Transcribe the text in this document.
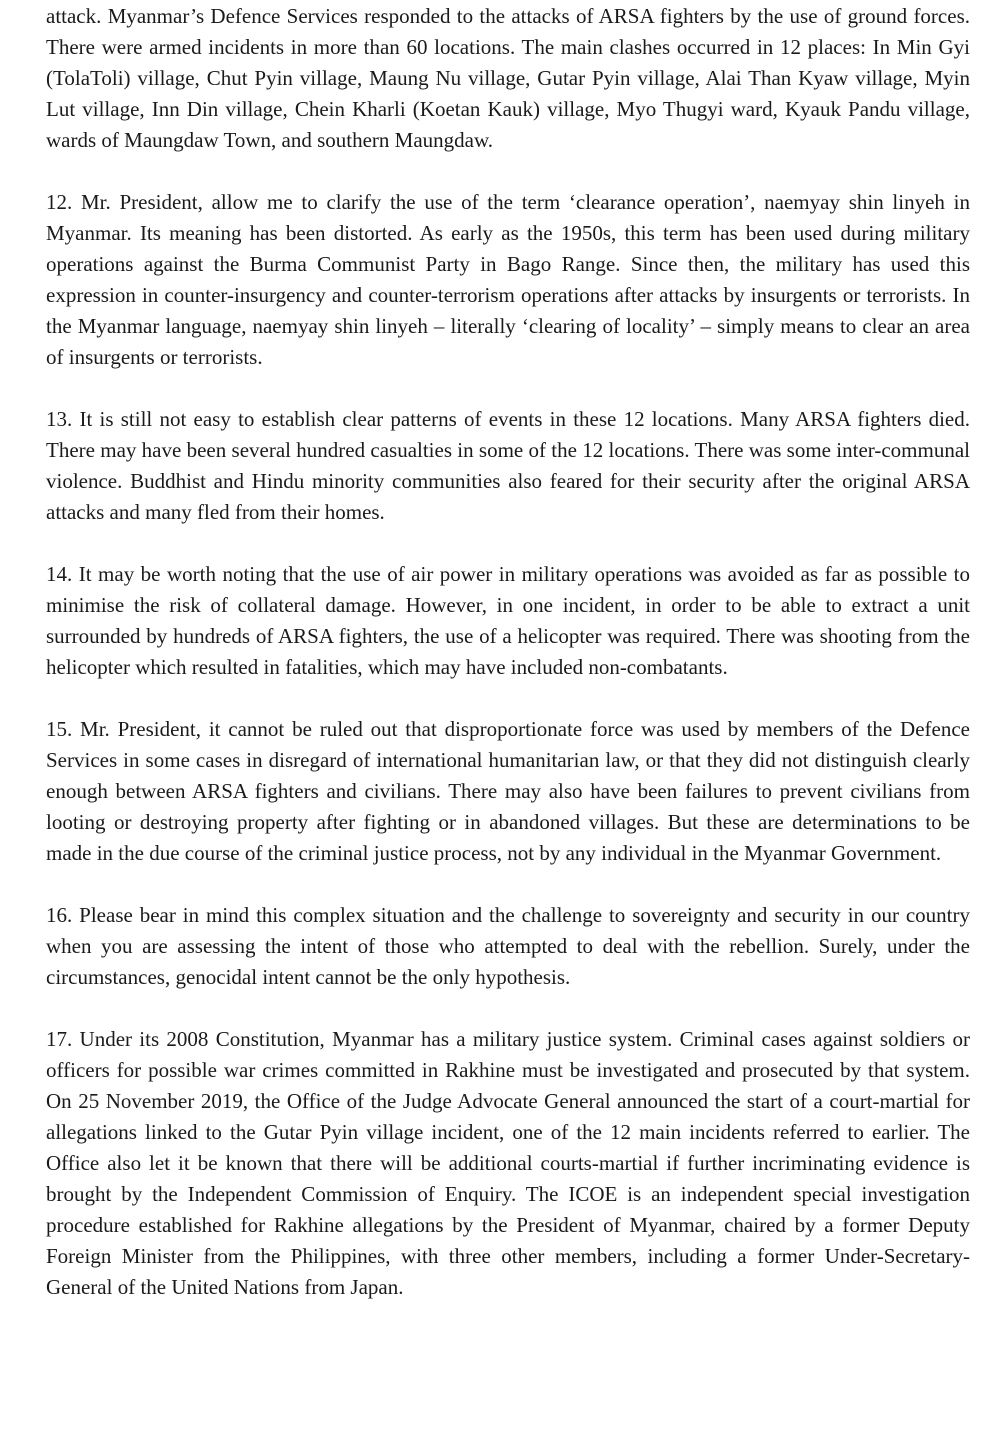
attack. Myanmar’s Defence Services responded to the attacks of ARSA fighters by the use of ground forces. There were armed incidents in more than 60 locations. The main clashes occurred in 12 places: In Min Gyi (TolaToli) village, Chut Pyin village, Maung Nu village, Gutar Pyin village, Alai Than Kyaw village, Myin Lut village, Inn Din village, Chein Kharli (Koetan Kauk) village, Myo Thugyi ward, Kyauk Pandu village, wards of Maungdaw Town, and southern Maungdaw.

12. Mr. President, allow me to clarify the use of the term ‘clearance operation’, naemyay shin linyeh in Myanmar. Its meaning has been distorted. As early as the 1950s, this term has been used during military operations against the Burma Communist Party in Bago Range. Since then, the military has used this expression in counter-insurgency and counter-terrorism operations after attacks by insurgents or terrorists. In the Myanmar language, naemyay shin linyeh – literally ‘clearing of locality’ – simply means to clear an area of insurgents or terrorists.

13. It is still not easy to establish clear patterns of events in these 12 locations. Many ARSA fighters died. There may have been several hundred casualties in some of the 12 locations. There was some inter-communal violence. Buddhist and Hindu minority communities also feared for their security after the original ARSA attacks and many fled from their homes.

14. It may be worth noting that the use of air power in military operations was avoided as far as possible to minimise the risk of collateral damage. However, in one incident, in order to be able to extract a unit surrounded by hundreds of ARSA fighters, the use of a helicopter was required. There was shooting from the helicopter which resulted in fatalities, which may have included non-combatants.

15. Mr. President, it cannot be ruled out that disproportionate force was used by members of the Defence Services in some cases in disregard of international humanitarian law, or that they did not distinguish clearly enough between ARSA fighters and civilians. There may also have been failures to prevent civilians from looting or destroying property after fighting or in abandoned villages. But these are determinations to be made in the due course of the criminal justice process, not by any individual in the Myanmar Government.

16. Please bear in mind this complex situation and the challenge to sovereignty and security in our country when you are assessing the intent of those who attempted to deal with the rebellion. Surely, under the circumstances, genocidal intent cannot be the only hypothesis.

17. Under its 2008 Constitution, Myanmar has a military justice system. Criminal cases against soldiers or officers for possible war crimes committed in Rakhine must be investigated and prosecuted by that system. On 25 November 2019, the Office of the Judge Advocate General announced the start of a court-martial for allegations linked to the Gutar Pyin village incident, one of the 12 main incidents referred to earlier. The Office also let it be known that there will be additional courts-martial if further incriminating evidence is brought by the Independent Commission of Enquiry. The ICOE is an independent special investigation procedure established for Rakhine allegations by the President of Myanmar, chaired by a former Deputy Foreign Minister from the Philippines, with three other members, including a former Under-Secretary-General of the United Nations from Japan.
